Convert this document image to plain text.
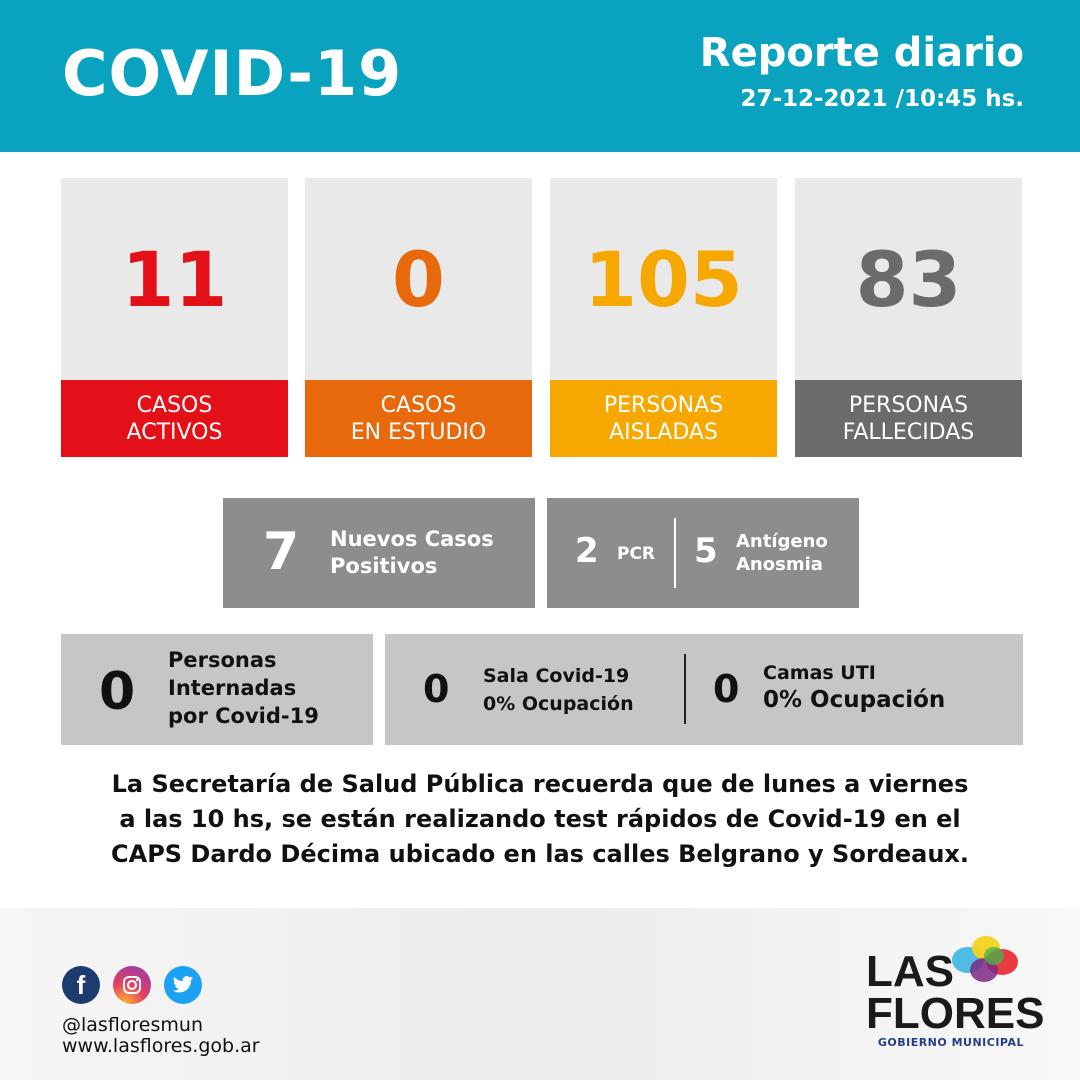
COVID-19	Reporte diario
27-12-2021 /10:45 hs.
11
CASOS
ACTIVOS
0
CASOS
EN ESTUDIO
105
PERSONAS
AISLADAS
83
PERSONAS
FALLECIDAS
7 Nuevos Casos
Positivos	2 PCR 5 Antígeno
Anosmia
0
Personas
Internadas
por Covid-19
0 Sala Covid-19
0% Ocupación 0 Camas UTI
0% Ocupación
La Secretaría de Salud Pública recuerda que de lunes a viernes
a las 10 hs, se están realizando test rápidos de Covid-19 en el
CAPS Dardo Décima ubicado en las calles Belgrano y Sordeaux.
f
@lasfloresmun
www.lasflores.gob.ar
LAS
FLORES
GOBIERNO MUNICIPAL
